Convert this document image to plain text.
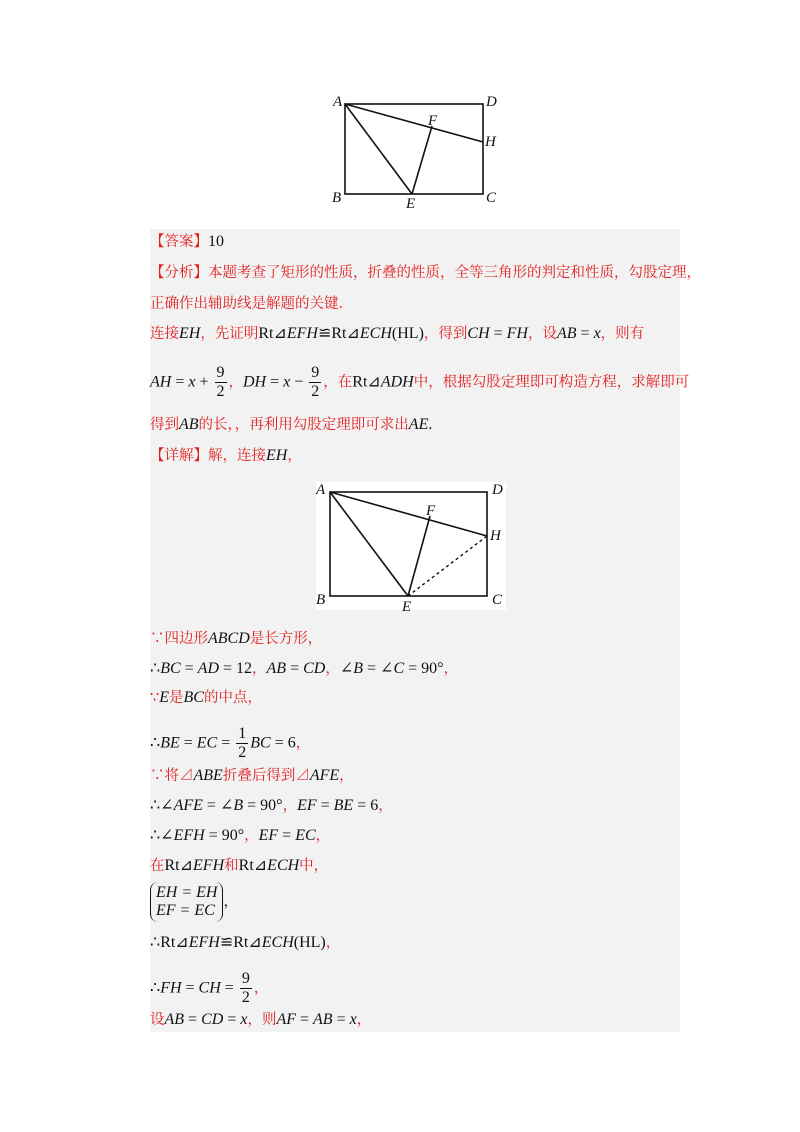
A	D
F
H
B	E	C
【答案】10
【分析】本题考查了矩形的性质，折叠的性质，全等三角形的判定和性质，勾股定理，
正确作出辅助线是解题的关键．
连接EH，先证明Rt⊿EFH≌Rt⊿ECH(HL)，得到CH = FH，设AB = x，则有
AH = $x + \frac{9}{2}$ ，DH = $x - \frac{9}{2}$ ，在Rt⊿ADH中，根据勾股定理即可构造方程，求解即可
得到AB的长，，再利用勾股定理即可求出AE.
【详解】解，连接EH，
A	D
F
H
B	E	C
∵四边形ABCD是长方形，
∴BC = AD = 12，AB = CD，∠B = ∠C = 90°，
∵E是BC的中点，
∴BE = EC = $\frac{1}{2}$ BC = 6，
∵将⊿ABE折叠后得到⊿AFE，
∴∠AFE = ∠B = 90°，EF = BE = 6，
∴∠EFH = 90°，EF = EC，
在Rt⊿EFH和Rt⊿ECH中，
EH = EH
EF = EC ，
∴Rt⊿EFH≌Rt⊿ECH(HL)，
∴FH = CH = $\frac{9}{2}$ ，
设AB = CD = x，则AF = AB = x，
